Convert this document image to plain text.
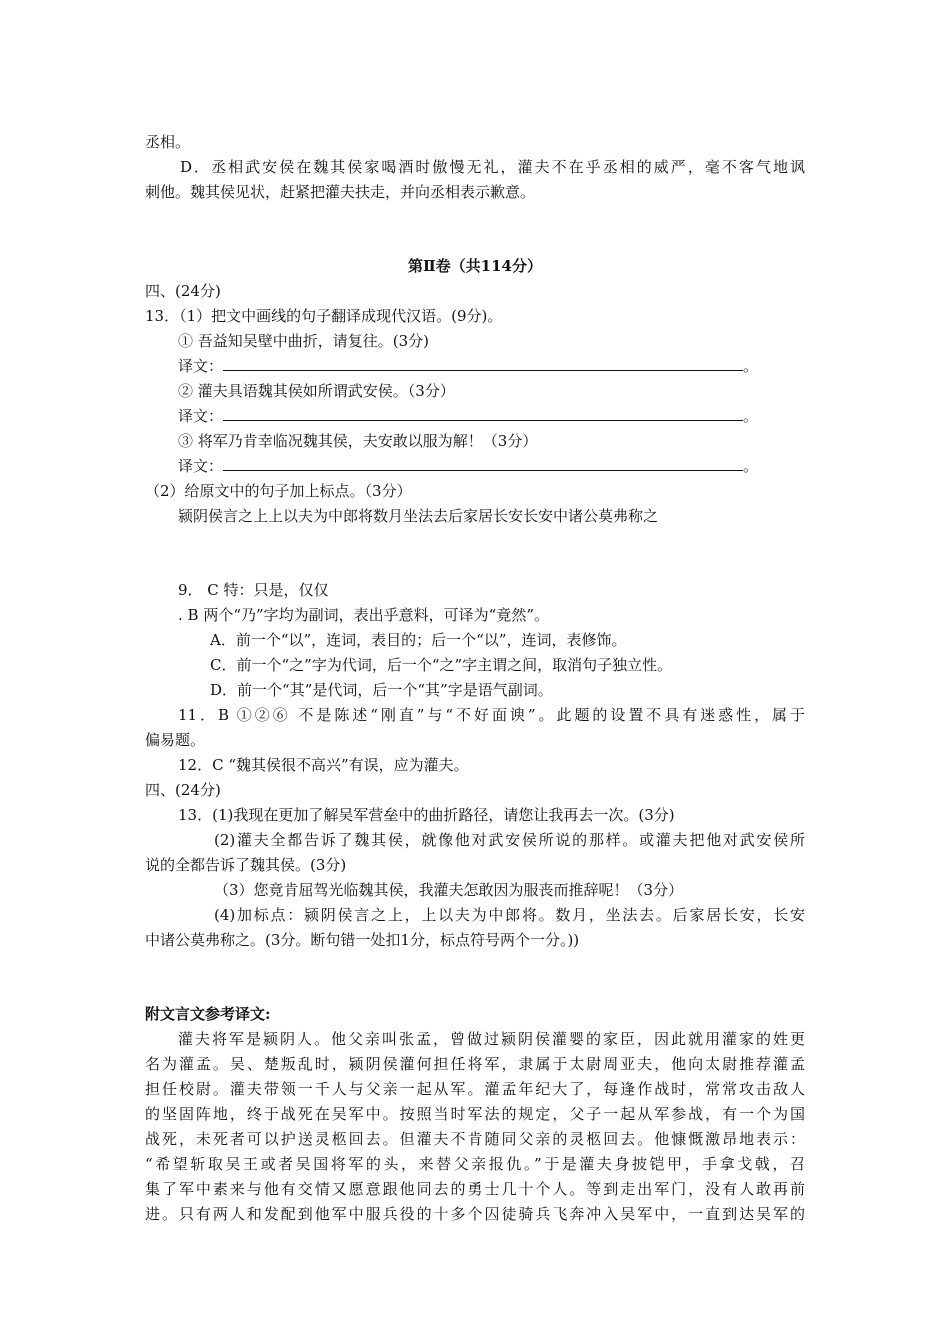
丞相。
D．丞相武安侯在魏其侯家喝酒时傲慢无礼，灌夫不在乎丞相的威严，毫不客气地讽
刺他。魏其侯见状，赶紧把灌夫扶走，并向丞相表示歉意。
第Ⅱ卷（共114分）
四、(24分)
13．（1）把文中画线的句子翻译成现代汉语。(9分)。
① 吾益知吴壁中曲折，请复往。(3分)
译文：	。
② 灌夫具语魏其侯如所谓武安侯。（3分）
译文：	。
③ 将军乃肯幸临况魏其侯，夫安敢以服为解！（3分）
译文：	。
（2）给原文中的句子加上标点。（3分）
颍阴侯言之上上以夫为中郎将数月坐法去后家居长安长安中诸公莫弗称之
9． C 特：只是，仅仅
. B 两个“乃”字均为副词，表出乎意料，可译为“竟然”。
A．前一个“以”，连词，表目的；后一个“以”，连词，表修饰。
C．前一个“之”字为代词，后一个“之”字主谓之间，取消句子独立性。
D．前一个“其”是代词，后一个“其”字是语气副词。
11．B ①②⑥ 不是陈述“刚直”与“不好面谀”。此题的设置不具有迷惑性，属于
偏易题。
12．C “魏其侯很不高兴”有误，应为灌夫。
四、(24分)
13．(1)我现在更加了解吴军营垒中的曲折路径，请您让我再去一次。(3分)
(2)灌夫全都告诉了魏其侯，就像他对武安侯所说的那样。或灌夫把他对武安侯所
说的全都告诉了魏其侯。(3分)
（3）您竟肯屈驾光临魏其侯，我灌夫怎敢因为服丧而推辞呢！（3分）
(4)加标点：颍阴侯言之上，上以夫为中郎将。数月，坐法去。后家居长安，长安
中诸公莫弗称之。(3分。断句错一处扣1分，标点符号两个一分。))
附文言文参考译文:
灌夫将军是颍阴人。他父亲叫张孟，曾做过颍阴侯灌婴的家臣，因此就用灌家的姓更
名为灌孟。吴、楚叛乱时，颍阴侯灌何担任将军，隶属于太尉周亚夫，他向太尉推荐灌孟
担任校尉。灌夫带领一千人与父亲一起从军。灌孟年纪大了，每逢作战时，常常攻击敌人
的坚固阵地，终于战死在吴军中。按照当时军法的规定，父子一起从军参战，有一个为国
战死，未死者可以护送灵柩回去。但灌夫不肯随同父亲的灵柩回去。他慷慨激昂地表示：
“希望斩取吴王或者吴国将军的头，来替父亲报仇。”于是灌夫身披铠甲，手拿戈戟，召
集了军中素来与他有交情又愿意跟他同去的勇士几十个人。等到走出军门，没有人敢再前
进。只有两人和发配到他军中服兵役的十多个囚徒骑兵飞奔冲入吴军中，一直到达吴军的
